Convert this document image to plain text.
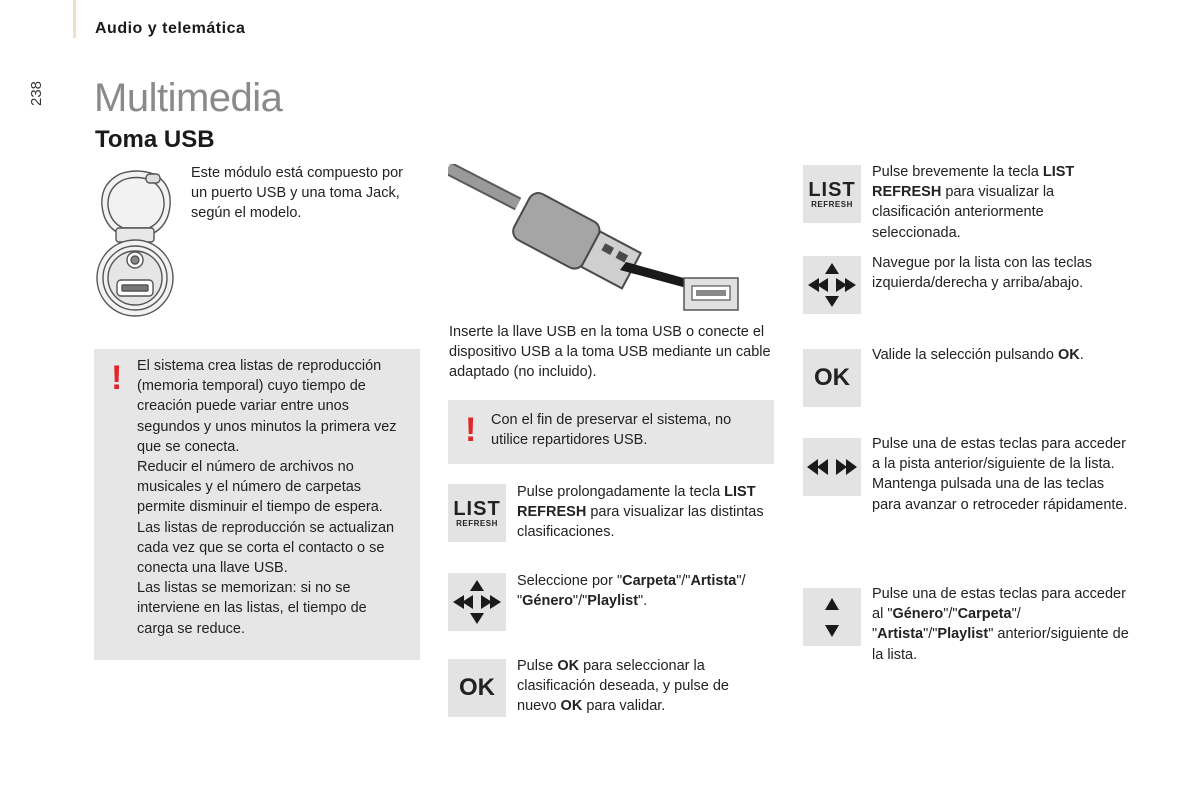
Audio y telemática
238 Multimedia
Toma USB
Este módulo está compuesto por un puerto USB y una toma Jack, según el modelo.
! El sistema crea listas de reproducción (memoria temporal) cuyo tiempo de creación puede variar entre unos segundos y unos minutos la primera vez que se conecta.
Reducir el número de archivos no musicales y el número de carpetas permite disminuir el tiempo de espera. Las listas de reproducción se actualizan cada vez que se corta el contacto o se conecta una llave USB.
Las listas se memorizan: si no se interviene en las listas, el tiempo de carga se reduce.
Inserte la llave USB en la toma USB o conecte el dispositivo USB a la toma USB mediante un cable adaptado (no incluido).
! Con el fin de preservar el sistema, no utilice repartidores USB.
LIST
REFRESH
Pulse prolongadamente la tecla LIST REFRESH para visualizar las distintas clasificaciones.
Seleccione por "Carpeta"/"Artista"/ "Género"/"Playlist".
OK
Pulse OK para seleccionar la clasificación deseada, y pulse de nuevo OK para validar.
LIST
REFRESH
Pulse brevemente la tecla LIST REFRESH para visualizar la clasificación anteriormente seleccionada.
Navegue por la lista con las teclas izquierda/derecha y arriba/abajo.
OK
Valide la selección pulsando OK.
Pulse una de estas teclas para acceder a la pista anterior/siguiente de la lista.
Mantenga pulsada una de las teclas para avanzar o retroceder rápidamente.
Pulse una de estas teclas para acceder al "Género"/"Carpeta"/ "Artista"/"Playlist" anterior/siguiente de la lista.
